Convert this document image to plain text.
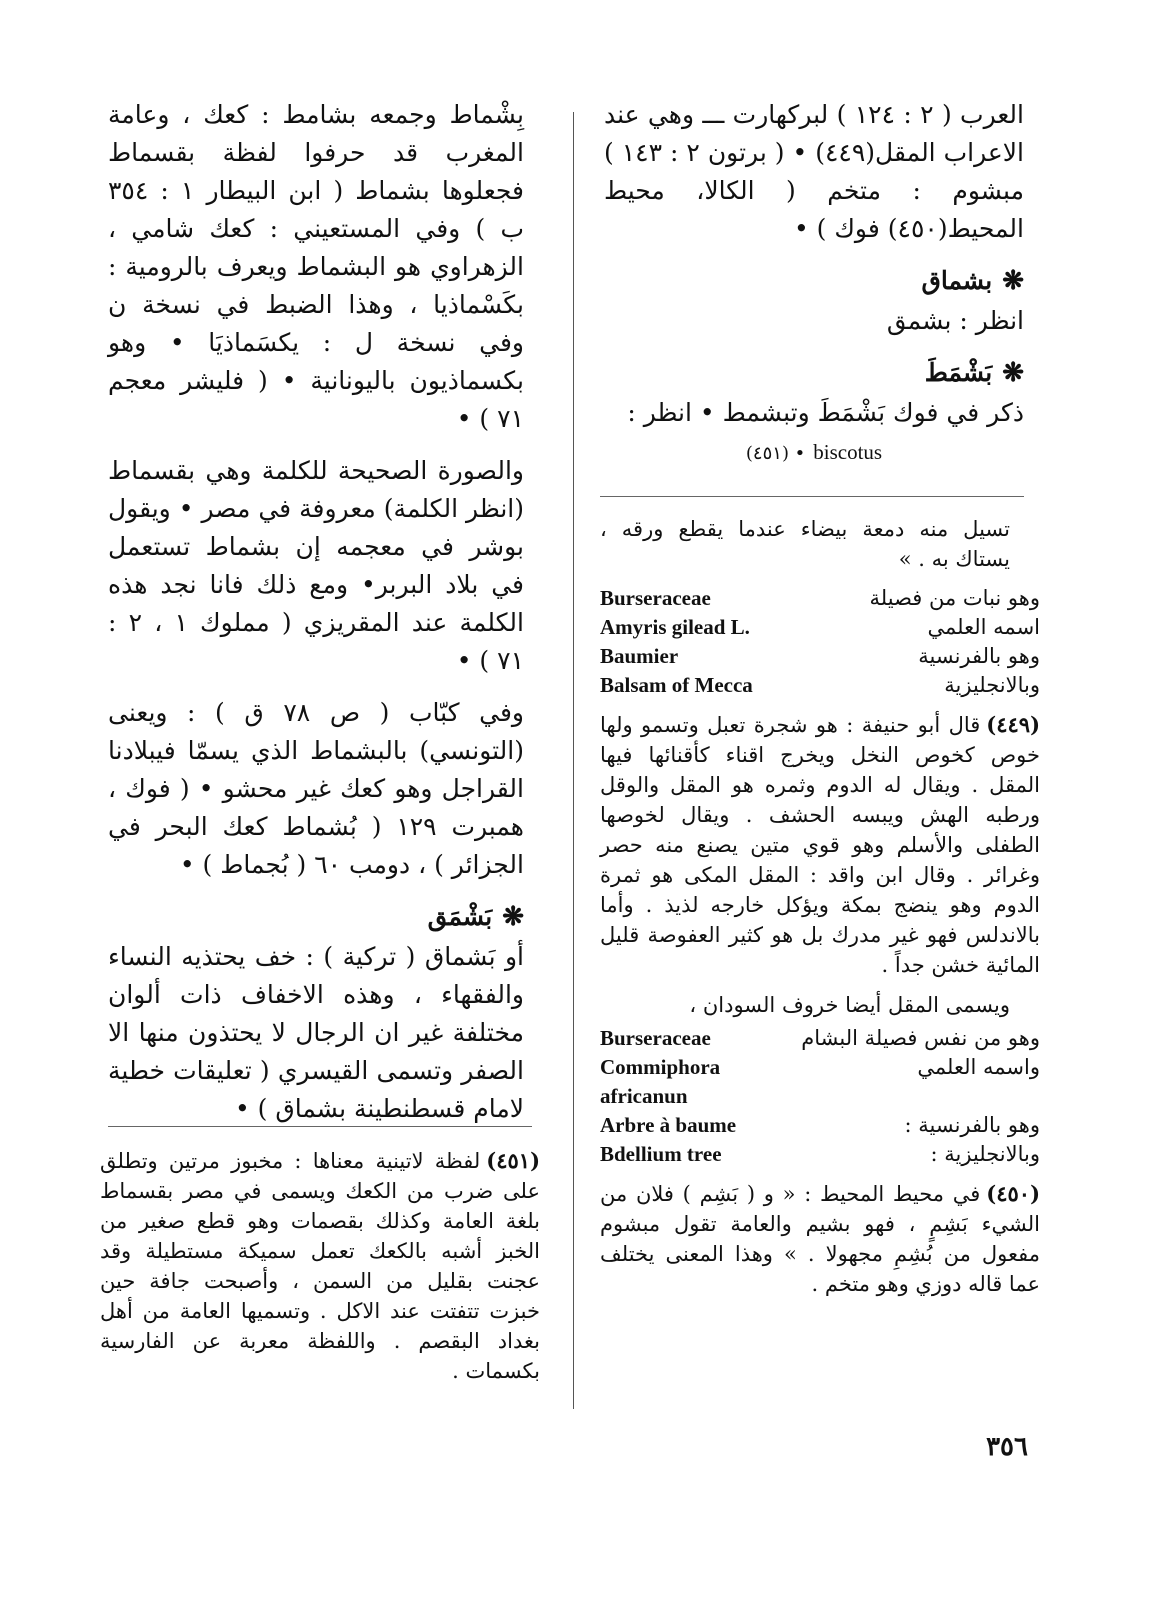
العرب ( ٢ : ١٢٤ ) لبركهارت ـــ وهي عند الاعراب المقل(٤٤٩) • ( برتون ٢ : ١٤٣ ) مبشوم : متخم ( الكالا، محيط المحيط(٤٥٠) فوك ) •

❋بشماق

انظر : بشمق

❋بَشْمَطَ

ذكر في فوك بَشْمَطَ وتبشمط • انظر :

biscotus • (٤٥١)

بِشْماط وجمعه بشامط : كعك ، وعامة المغرب قد حرفوا لفظة بقسماط فجعلوها بشماط ( ابن البيطار ١ : ٣٥٤ ب ) وفي المستعيني : كعك شامي ، الزهراوي هو البشماط ويعرف بالرومية : بكَسْماذيا ، وهذا الضبط في نسخة ن وفي نسخة ل : يكسَماذيَا • وهو بكسماذيون باليونانية • ( فليشر معجم ٧١ ) •

والصورة الصحيحة للكلمة وهي بقسماط (انظر الكلمة) معروفة في مصر • ويقول بوشر في معجمه إن بشماط تستعمل في بلاد البربر• ومع ذلك فانا نجد هذه الكلمة عند المقريزي ( مملوك ١ ، ٢ : ٧١ ) •

وفي كبّاب ( ص ٧٨ ق ) : ويعنى (التونسي) بالبشماط الذي يسمّا فيبلادنا القراجل وهو كعك غير محشو • ( فوك ، همبرت ١٢٩ ( بُشماط كعك البحر في الجزائر ) ، دومب ٦٠ ( بُجماط ) •

❋بَشْمَق

أو بَشماق ( تركية ) : خف يحتذيه النساء والفقهاء ، وهذه الاخفاف ذات ألوان مختلفة غير ان الرجال لا يحتذون منها الا الصفر وتسمى القيسري ( تعليقات خطية لامام قسطنطينة بشماق ) •

تسيل منه دمعة بيضاء عندما يقطع ورقه ، يستاك به . »

وهو نبات من فصيلة	Burseraceae
اسمه العلمي	Amyris gilead L.
وهو بالفرنسية	Baumier
وبالانجليزية	Balsam of Mecca

(٤٤٩)قال أبو حنيفة : هو شجرة تعبل وتسمو ولها خوص كخوص النخل ويخرج اقناء كأقنائها فيها المقل . ويقال له الدوم وثمره هو المقل والوقل ورطبه الهش ويبسه الحشف . ويقال لخوصها الطفلى والأسلم وهو قوي متين يصنع منه حصر وغرائر . وقال ابن واقد : المقل المكى هو ثمرة الدوم وهو ينضج بمكة ويؤكل خارجه لذيذ . وأما بالاندلس فهو غير مدرك بل هو كثير العفوصة قليل المائية خشن جداً .

ويسمى المقل أيضا خروف السودان ،

وهو من نفس فصيلة البشام	Burseraceae
واسمه العلمي	Commiphora africanun
وهو بالفرنسية :	Arbre à baume
وبالانجليزية :	Bdellium tree

(٤٥٠)في محيط المحيط : « و ( بَشِم ) فلان من الشيء بَشِمٍ ، فهو بشيم والعامة تقول مبشوم مفعول من بُشِمِ مجهولا . » وهذا المعنى يختلف عما قاله دوزي وهو متخم .

(٤٥١)لفظة لاتينية معناها : مخبوز مرتين وتطلق على ضرب من الكعك ويسمى في مصر بقسماط بلغة العامة وكذلك بقصمات وهو قطع صغير من الخبز أشبه بالكعك تعمل سميكة مستطيلة وقد عجنت بقليل من السمن ، وأصبحت جافة حين خبزت تتفتت عند الاكل . وتسميها العامة من أهل بغداد البقصم . واللفظة معربة عن الفارسية بكسمات .

٣٥٦
